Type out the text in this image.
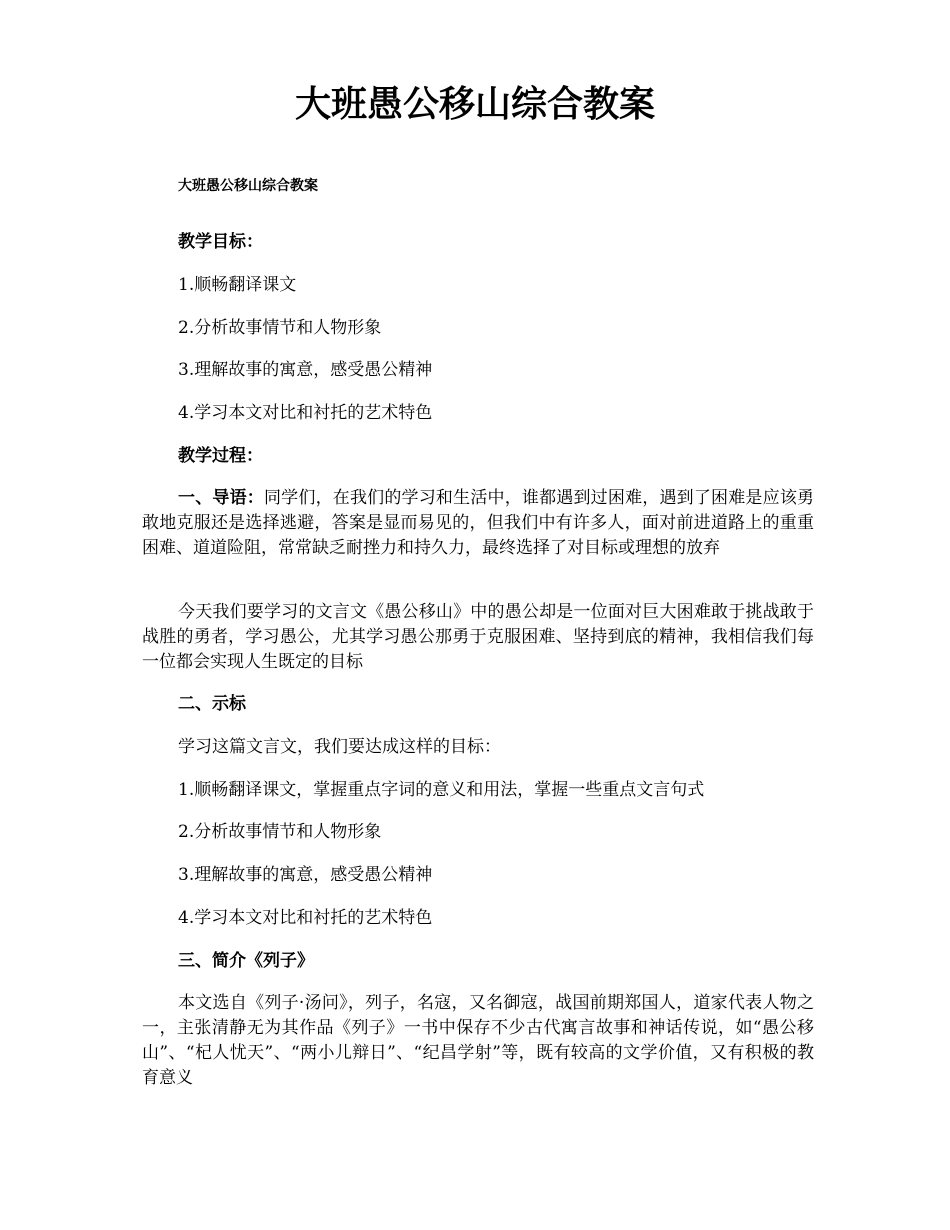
大班愚公移山综合教案
大班愚公移山综合教案
教学目标：
1.顺畅翻译课文
2.分析故事情节和人物形象
3.理解故事的寓意，感受愚公精神
4.学习本文对比和衬托的艺术特色
教学过程：

一、导语：同学们，在我们的学习和生活中，谁都遇到过困难，遇到了困难是应该勇敢地克服还是选择逃避，答案是显而易见的，但我们中有许多人，面对前进道路上的重重困难、道道险阻，常常缺乏耐挫力和持久力，最终选择了对目标或理想的放弃

今天我们要学习的文言文《愚公移山》中的愚公却是一位面对巨大困难敢于挑战敢于战胜的勇者，学习愚公，尤其学习愚公那勇于克服困难、坚持到底的精神，我相信我们每一位都会实现人生既定的目标

二、示标
学习这篇文言文，我们要达成这样的目标：
1.顺畅翻译课文，掌握重点字词的意义和用法，掌握一些重点文言句式
2.分析故事情节和人物形象
3.理解故事的寓意，感受愚公精神
4.学习本文对比和衬托的艺术特色
三、简介《列子》

本文选自《列子·汤问》，列子，名寇，又名御寇，战国前期郑国人，道家代表人物之一，主张清静无为其作品《列子》一书中保存不少古代寓言故事和神话传说，如“愚公移山”、“杞人忧天”、“两小儿辩日”、“纪昌学射”等，既有较高的文学价值，又有积极的教育意义
